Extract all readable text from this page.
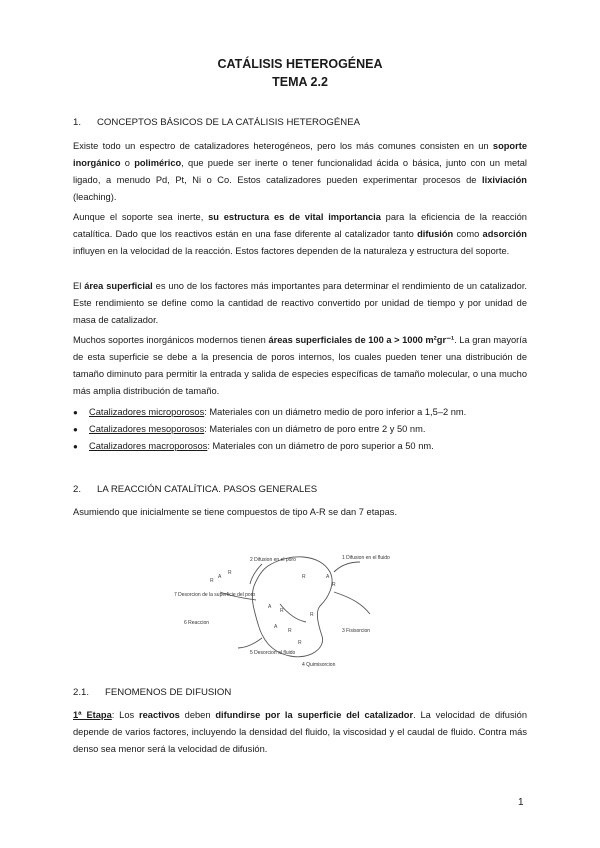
CATÁLISIS HETEROGÉNEA
TEMA 2.2
1. CONCEPTOS BÁSICOS DE LA CATÁLISIS HETEROGÉNEA
Existe todo un espectro de catalizadores heterogéneos, pero los más comunes consisten en un soporte inorgánico o polimérico, que puede ser inerte o tener funcionalidad ácida o básica, junto con un metal ligado, a menudo Pd, Pt, Ni o Co. Estos catalizadores pueden experimentar procesos de lixiviación (leaching).
Aunque el soporte sea inerte, su estructura es de vital importancia para la eficiencia de la reacción catalítica. Dado que los reactivos están en una fase diferente al catalizador tanto difusión como adsorción influyen en la velocidad de la reacción. Estos factores dependen de la naturaleza y estructura del soporte.
El área superficial es uno de los factores más importantes para determinar el rendimiento de un catalizador. Este rendimiento se define como la cantidad de reactivo convertido por unidad de tiempo y por unidad de masa de catalizador.
Muchos soportes inorgánicos modernos tienen áreas superficiales de 100 a > 1000 m²gr⁻¹. La gran mayoría de esta superficie se debe a la presencia de poros internos, los cuales pueden tener una distribución de tamaño diminuto para permitir la entrada y salida de especies específicas de tamaño molecular, o una mucho más amplia distribución de tamaño.
● Catalizadores microporosos: Materiales con un diámetro medio de poro inferior a 1,5–2 nm.
● Catalizadores mesoporosos: Materiales con un diámetro de poro entre 2 y 50 nm.
● Catalizadores macroporosos: Materiales con un diámetro de poro superior a 50 nm.
2. LA REACCIÓN CATALÍTICA. PASOS GENERALES
Asumiendo que inicialmente se tiene compuestos de tipo A-R se dan 7 etapas.
1 Difusion en el fluido
2 Difusion en el poro
3 Fisisorcion
4 Quimisorcion
5 Desorcion al fluido
6 Reaccion
7 Desorcion de la superficie del poro
R
A
R
R	A
R
A
R
A
R
R
R
2.1. FENOMENOS DE DIFUSION
1ª Etapa: Los reactivos deben difundirse por la superficie del catalizador. La velocidad de difusión depende de varios factores, incluyendo la densidad del fluido, la viscosidad y el caudal de fluido. Contra más denso sea menor será la velocidad de difusión.
1
